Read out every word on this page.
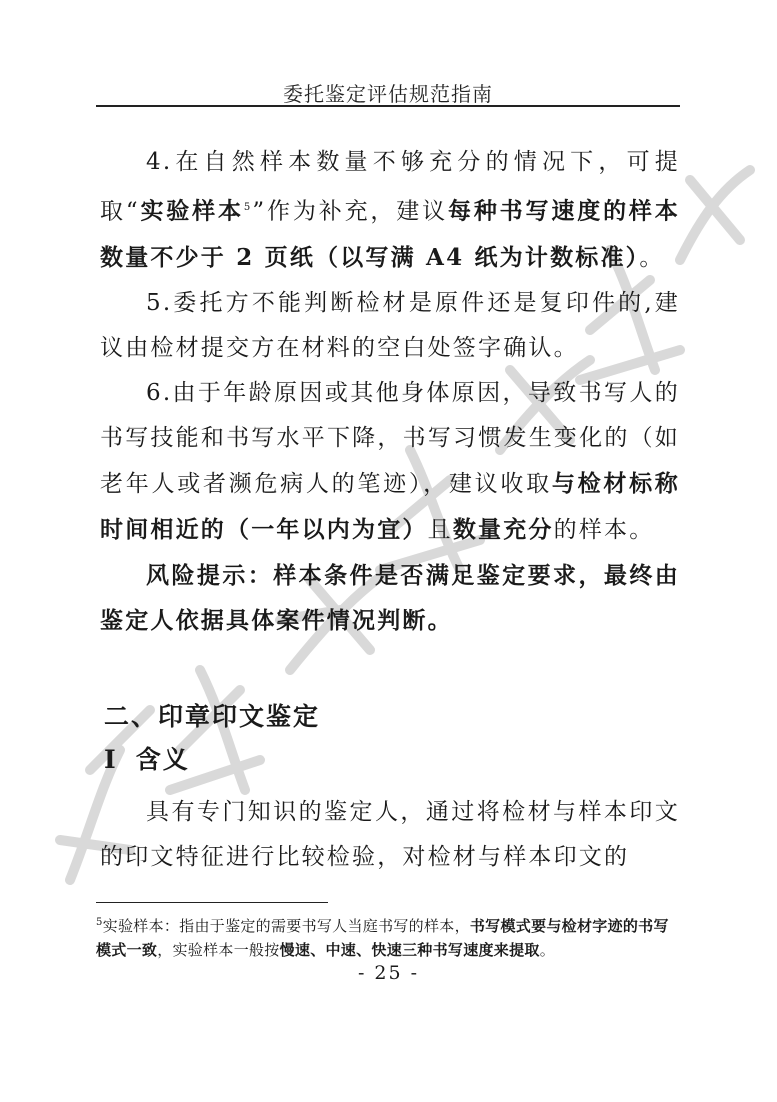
北京司法鉴定业协会
委托鉴定评估规范指南

4.在自然样本数量不够充分的情况下，可提取“实验样本$^5$”作为补充，建议每种书写速度的样本数量不少于 2 页纸（以写满 A4 纸为计数标准）。

5.委托方不能判断检材是原件还是复印件的,建议由检材提交方在材料的空白处签字确认。

6.由于年龄原因或其他身体原因，导致书写人的书写技能和书写水平下降，书写习惯发生变化的（如老年人或者濒危病人的笔迹），建议收取与检材标称时间相近的（一年以内为宜）且数量充分的样本。

风险提示：样本条件是否满足鉴定要求，最终由鉴定人依据具体案件情况判断。

二、印章印文鉴定
Ⅰ 含义

具有专门知识的鉴定人，通过将检材与样本印文的印文特征进行比较检验，对检材与样本印文的

$^5$实验样本：指由于鉴定的需要书写人当庭书写的样本，书写模式要与检材字迹的书写模式一致，实验样本一般按慢速、中速、快速三种书写速度来提取。
- 25 -
